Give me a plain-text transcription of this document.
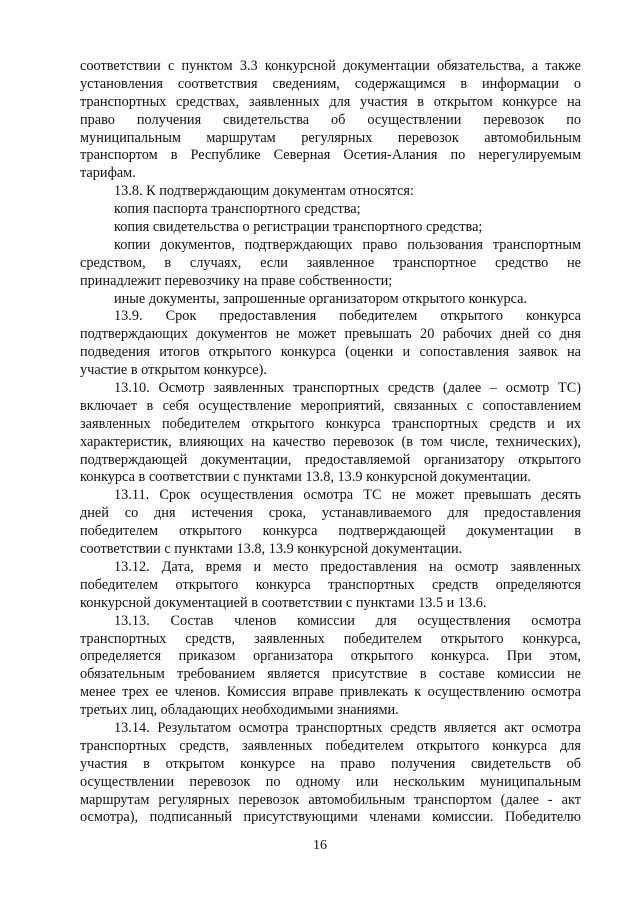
соответствии с пунктом 3.3 конкурсной документации обязательства, а также
установления соответствия сведениям, содержащимся в информации о
транспортных средствах, заявленных для участия в открытом конкурсе на
право получения свидетельства об осуществлении перевозок по
муниципальным маршрутам регулярных перевозок автомобильным
транспортом в Республике Северная Осетия-Алания по нерегулируемым
тарифам.
13.8. К подтверждающим документам относятся:
копия паспорта транспортного средства;
копия свидетельства о регистрации транспортного средства;
копии документов, подтверждающих право пользования транспортным
средством, в случаях, если заявленное транспортное средство не
принадлежит перевозчику на праве собственности;
иные документы, запрошенные организатором открытого конкурса.
13.9. Срок предоставления победителем открытого конкурса
подтверждающих документов не может превышать 20 рабочих дней со дня
подведения итогов открытого конкурса (оценки и сопоставления заявок на
участие в открытом конкурсе).
13.10. Осмотр заявленных транспортных средств (далее – осмотр ТС)
включает в себя осуществление мероприятий, связанных с сопоставлением
заявленных победителем открытого конкурса транспортных средств и их
характеристик, влияющих на качество перевозок (в том числе, технических),
подтверждающей документации, предоставляемой организатору открытого
конкурса в соответствии с пунктами 13.8, 13.9 конкурсной документации.
13.11. Срок осуществления осмотра ТС не может превышать десять
дней со дня истечения срока, устанавливаемого для предоставления
победителем открытого конкурса подтверждающей документации в
соответствии с пунктами 13.8, 13.9 конкурсной документации.
13.12. Дата, время и место предоставления на осмотр заявленных
победителем открытого конкурса транспортных средств определяются
конкурсной документацией в соответствии с пунктами 13.5 и 13.6.
13.13. Состав членов комиссии для осуществления осмотра
транспортных средств, заявленных победителем открытого конкурса,
определяется приказом организатора открытого конкурса. При этом,
обязательным требованием является присутствие в составе комиссии не
менее трех ее членов. Комиссия вправе привлекать к осуществлению осмотра
третьих лиц, обладающих необходимыми знаниями.
13.14. Результатом осмотра транспортных средств является акт осмотра
транспортных средств, заявленных победителем открытого конкурса для
участия в открытом конкурсе на право получения свидетельств об
осуществлении перевозок по одному или нескольким муниципальным
маршрутам регулярных перевозок автомобильным транспортом (далее - акт
осмотра), подписанный присутствующими членами комиссии. Победителю
16
